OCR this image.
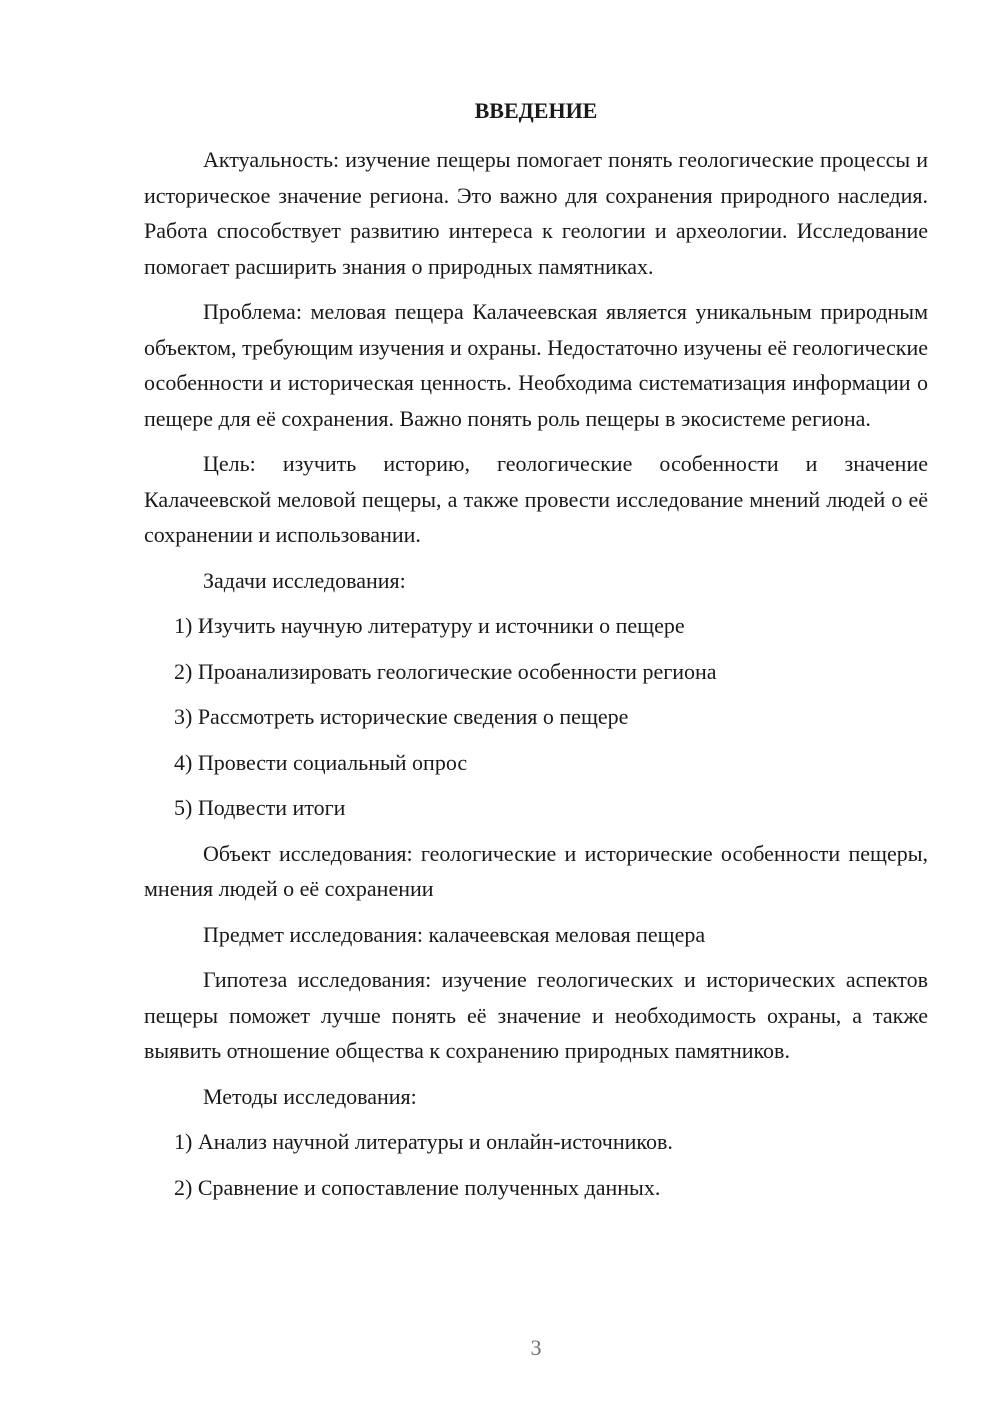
ВВЕДЕНИЕ

Актуальность: изучение пещеры помогает понять геологические процессы и историческое значение региона. Это важно для сохранения природного наследия. Работа способствует развитию интереса к геологии и археологии. Исследование помогает расширить знания о природных памятниках.

Проблема: меловая пещера Калачеевская является уникальным природным объектом, требующим изучения и охраны. Недостаточно изучены её геологические особенности и историческая ценность. Необходима систематизация информации о пещере для её сохранения. Важно понять роль пещеры в экосистеме региона.

Цель: изучить историю, геологические особенности и значение Калачеевской меловой пещеры, а также провести исследование мнений людей о её сохранении и использовании.

Задачи исследования:

1) Изучить научную литературу и источники о пещере

2) Проанализировать геологические особенности региона

3) Рассмотреть исторические сведения о пещере

4) Провести социальный опрос

5) Подвести итоги

Объект исследования: геологические и исторические особенности пещеры, мнения людей о её сохранении

Предмет исследования: калачеевская меловая пещера

Гипотеза исследования: изучение геологических и исторических аспектов пещеры поможет лучше понять её значение и необходимость охраны, а также выявить отношение общества к сохранению природных памятников.

Методы исследования:

1) Анализ научной литературы и онлайн-источников.

2) Сравнение и сопоставление полученных данных.

3
